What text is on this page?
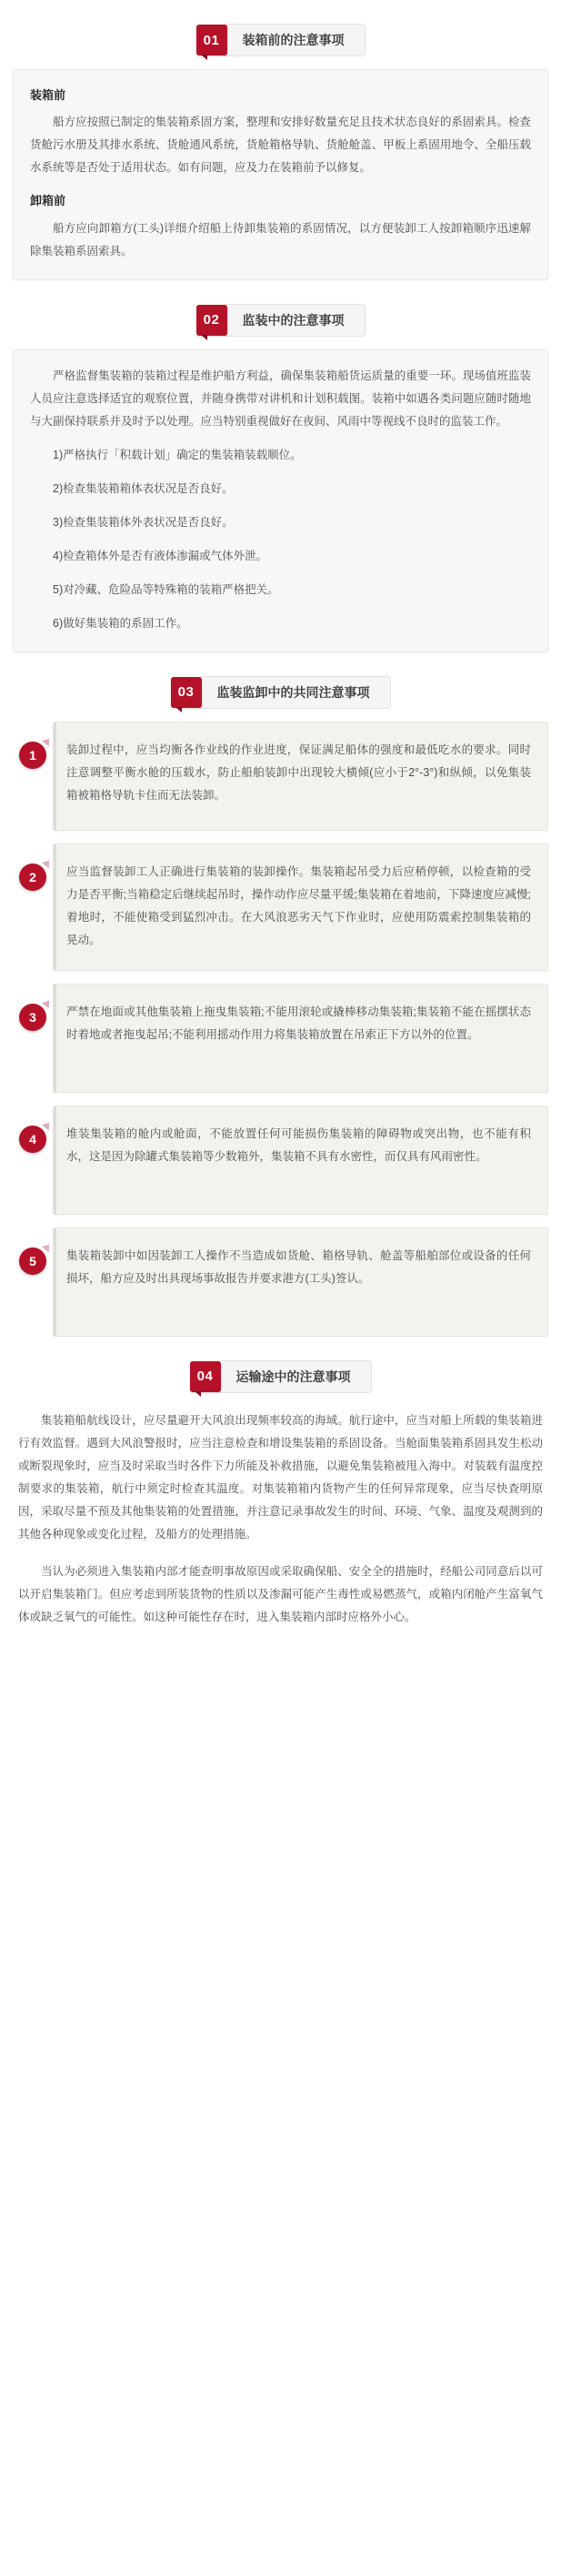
01	装箱前的注意事项
装箱前

船方应按照已制定的集装箱系固方案，整理和安排好数量充足且技术状态良好的系固索具。检查货舱污水册及其排水系统、货舱通风系统，货舱箱格导轨、货舱舱盖、甲板上系固用地令、全船压载水系统等是否处于适用状态。如有问题，应及力在装箱前予以修复。

卸箱前

船方应向卸箱方(工头)详细介绍船上待卸集装箱的系固情况，以方便装卸工人按卸箱顺序迅速解除集装箱系固索具。

02	监装中的注意事项

严格监督集装箱的装箱过程是维护船方利益，确保集装箱船货运质量的重要一环。现场值班监装人员应注意选择适宜的观察位置，并随身携带对讲机和计划积载图。装箱中如遇各类问题应随时随地与大副保持联系并及时予以处理。应当特别重视做好在夜间、风雨中等视线不良时的监装工作。

1)严格执行「积载计划」确定的集装箱装载顺位。

2)检查集装箱箱体表状况是否良好。

3)检查集装箱体外表状况是否良好。

4)检查箱体外是否有液体渗漏或气体外泄。

5)对冷藏、危险品等特殊箱的装箱严格把关。

6)做好集装箱的系固工作。

03	监装监卸中的共同注意事项
1	装卸过程中，应当均衡各作业线的作业进度，保证满足船体的强度和最低吃水的要求。同时注意调整平衡水舱的压载水，防止船舶装卸中出现较大横倾(应小于2°-3°)和纵倾，以免集装箱被箱格导轨卡住而无法装卸。
2	应当监督装卸工人正确进行集装箱的装卸操作。集装箱起吊受力后应稍停顿，以检查箱的受力是否平衡;当箱稳定后继续起吊时，操作动作应尽量平缓;集装箱在着地前，下降速度应减慢;着地时，不能使箱受到猛烈冲击。在大风浪恶劣天气下作业时，应使用防震索控制集装箱的晃动。
3	严禁在地面或其他集装箱上拖曳集装箱;不能用滚轮或撬棒移动集装箱;集装箱不能在摇摆状态时着地或者拖曳起吊;不能利用摇动作用力将集装箱放置在吊索正下方以外的位置。
4	堆装集装箱的舱内或舱面，不能放置任何可能损伤集装箱的障碍物或突出物，也不能有积水，这是因为除罐式集装箱等少数箱外，集装箱不具有水密性，而仅具有风雨密性。
5	集装箱装卸中如因装卸工人操作不当造成如货舱、箱格导轨、舱盖等船舶部位或设备的任何损坏，船方应及时出具现场事故报告并要求港方(工头)签认。
04	运输途中的注意事项

集装箱船航线设计，应尽量避开大风浪出现频率较高的海域。航行途中，应当对船上所载的集装箱进行有效监督。遇到大风浪警报时，应当注意检查和增设集装箱的系固设备。当舱面集装箱系固具发生松动或断裂现象时，应当及时采取当时各件下力所能及补救措施，以避免集装箱被甩入海中。对装载有温度控制要求的集装箱，航行中须定时检查其温度。对集装箱箱内货物产生的任何异常现象，应当尽快查明原因，采取尽量不预及其他集装箱的处置措施，并注意记录事故发生的时间、环境、气象、温度及观测到的其他各种现象或变化过程，及船方的处理措施。

当认为必须进入集装箱内部才能查明事故原因或采取确保船、安全全的措施时，经船公司同意后以可以开启集装箱门。但应考虑到所装货物的性质以及渗漏可能产生毒性或易燃蒸气，或箱内闭舱产生富氧气体或缺乏氧气的可能性。如这种可能性存在时，进入集装箱内部时应格外小心。
